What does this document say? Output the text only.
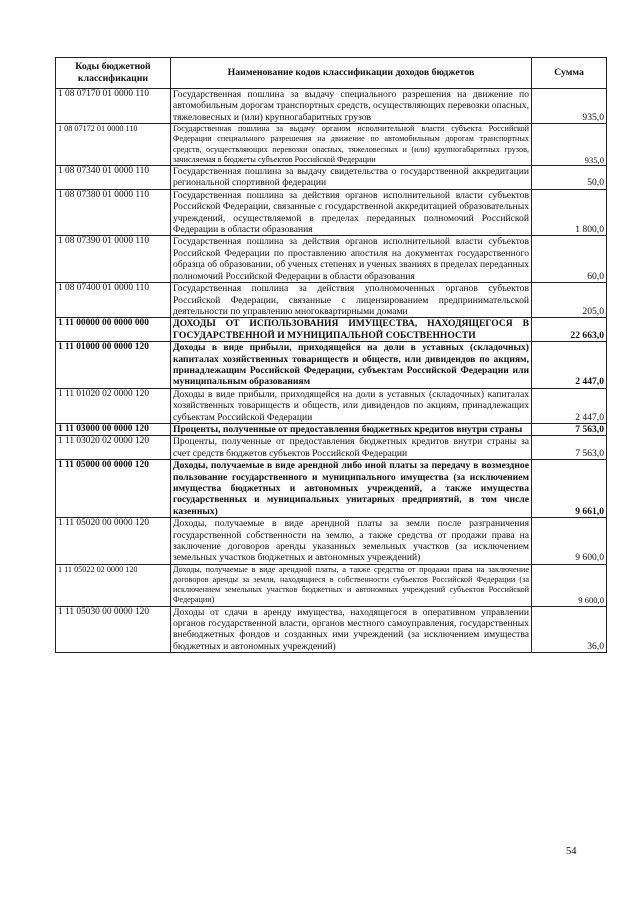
Коды бюджетной классификации	Наименование кодов классификации доходов бюджетов	Сумма
1 08 07170 01 0000 110	Государственная пошлина за выдачу специального разрешения на движение по автомобильным дорогам транспортных средств, осуществляющих перевозки опасных, тяжеловесных и (или) крупногабаритных грузов	935,0
1 08 07172 01 0000 110	Государственная пошлина за выдачу органом исполнительной власти субъекта Российской Федерации специального разрешения на движение по автомобильным дорогам транспортных средств, осуществляющих перевозки опасных, тяжеловесных и (или) крупногабаритных грузов, зачисляемая в бюджеты субъектов Российской Федерации	935,0
1 08 07340 01 0000 110	Государственная пошлина за выдачу свидетельства о государственной аккредитации региональной спортивной федерации	50,0
1 08 07380 01 0000 110	Государственная пошлина за действия органов исполнительной власти субъектов Российской Федерации, связанные с государственной аккредитацией образовательных учреждений, осуществляемой в пределах переданных полномочий Российской Федерации в области образования	1 800,0
1 08 07390 01 0000 110	Государственная пошлина за действия органов исполнительной власти субъектов Российской Федерации по проставлению апостиля на документах государственного образца об образовании, об ученых степенях и ученых званиях в пределах переданных полномочий Российской Федерации в области образования	60,0
1 08 07400 01 0000 110	Государственная пошлина за действия уполномоченных органов субъектов Российской Федерации, связанные с лицензированием предпринимательской деятельности по управлению многоквартирными домами	205,0
1 11 00000 00 0000 000	ДОХОДЫ ОТ ИСПОЛЬЗОВАНИЯ ИМУЩЕСТВА, НАХОДЯЩЕГОСЯ В ГОСУДАРСТВЕННОЙ И МУНИЦИПАЛЬНОЙ СОБСТВЕННОСТИ	22 663,0
1 11 01000 00 0000 120	Доходы в виде прибыли, приходящейся на доли в уставных (складочных) капиталах хозяйственных товариществ и обществ, или дивидендов по акциям, принадлежащим Российской Федерации, субъектам Российской Федерации или муниципальным образованиям	2 447,0
1 11 01020 02 0000 120	Доходы в виде прибыли, приходящейся на доли в уставных (складочных) капиталах хозяйственных товариществ и обществ, или дивидендов по акциям, принадлежащих субъектам Российской Федерации	2 447,0
1 11 03000 00 0000 120	Проценты, полученные от предоставления бюджетных кредитов внутри страны	7 563,0
1 11 03020 02 0000 120	Проценты, полученные от предоставления бюджетных кредитов внутри страны за счет средств бюджетов субъектов Российской Федерации	7 563,0
1 11 05000 00 0000 120	Доходы, получаемые в виде арендной либо иной платы за передачу в возмездное пользование государственного и муниципального имущества (за исключением имущества бюджетных и автономных учреждений, а также имущества государственных и муниципальных унитарных предприятий, в том числе казенных)	9 661,0
1 11 05020 00 0000 120	Доходы, получаемые в виде арендной платы за земли после разграничения государственной собственности на землю, а также средства от продажи права на заключение договоров аренды указанных земельных участков (за исключением земельных участков бюджетных и автономных учреждений)	9 600,0
1 11 05022 02 0000 120	Доходы, получаемые в виде арендной платы, а также средства от продажи права на заключение договоров аренды за земли, находящиеся в собственности субъектов Российской Федерации (за исключением земельных участков бюджетных и автономных учреждений субъектов Российской Федерации)	9 600,0
1 11 05030 00 0000 120	Доходы от сдачи в аренду имущества, находящегося в оперативном управлении органов государственной власти, органов местного самоуправления, государственных внебюджетных фондов и созданных ими учреждений (за исключением имущества бюджетных и автономных учреждений)	36,0
54
